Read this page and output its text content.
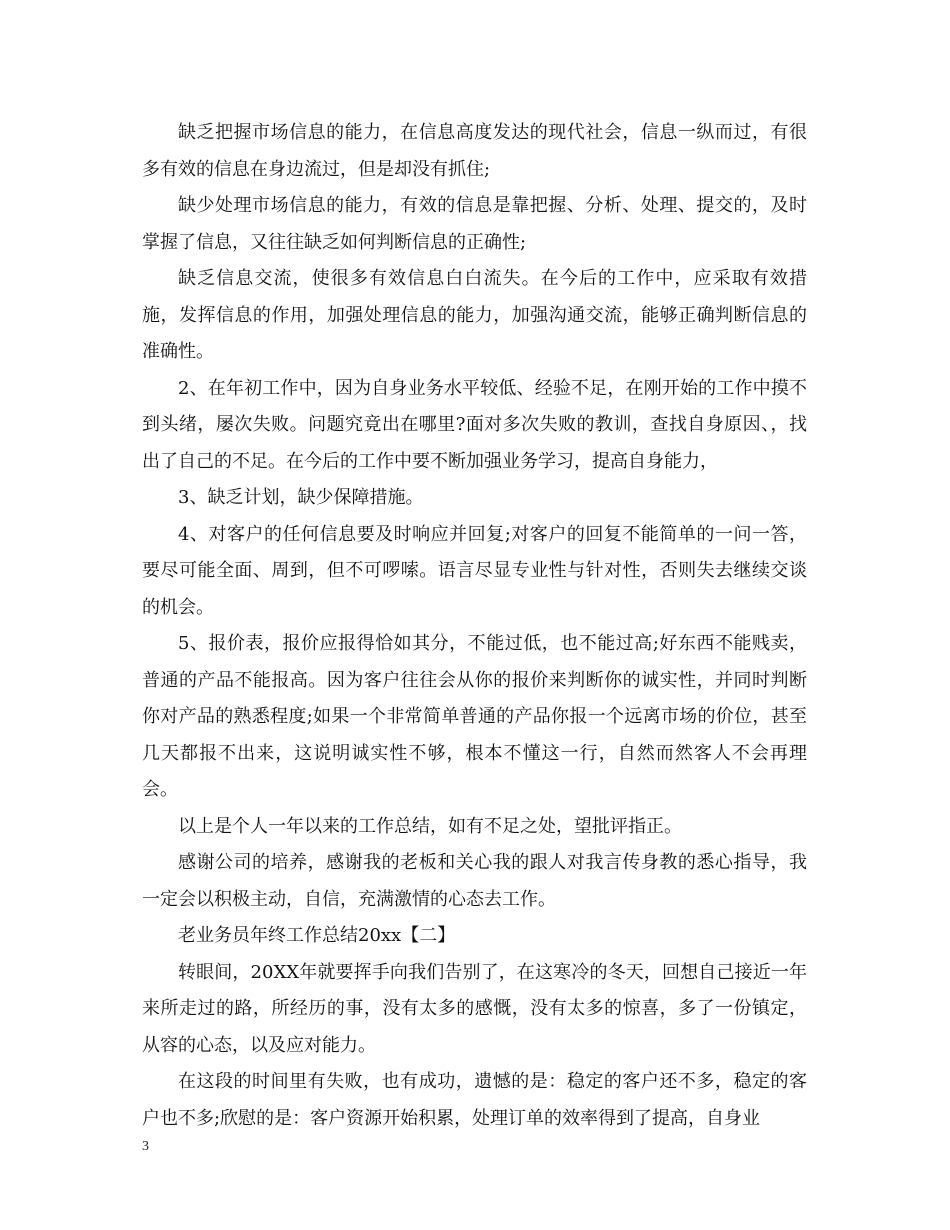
缺乏把握市场信息的能力，在信息高度发达的现代社会，信息一纵而过，有很多有效的信息在身边流过，但是却没有抓住;

缺少处理市场信息的能力，有效的信息是靠把握、分析、处理、提交的，及时掌握了信息，又往往缺乏如何判断信息的正确性;

缺乏信息交流，使很多有效信息白白流失。在今后的工作中，应采取有效措施，发挥信息的作用，加强处理信息的能力，加强沟通交流，能够正确判断信息的准确性。

2、在年初工作中，因为自身业务水平较低、经验不足，在刚开始的工作中摸不到头绪，屡次失败。问题究竟出在哪里?面对多次失败的教训，查找自身原因、，找出了自己的不足。在今后的工作中要不断加强业务学习，提高自身能力，

3、缺乏计划，缺少保障措施。

4、对客户的任何信息要及时响应并回复;对客户的回复不能简单的一问一答，要尽可能全面、周到，但不可啰嗦。语言尽显专业性与针对性，否则失去继续交谈的机会。

5、报价表，报价应报得恰如其分，不能过低，也不能过高;好东西不能贱卖，普通的产品不能报高。因为客户往往会从你的报价来判断你的诚实性，并同时判断你对产品的熟悉程度;如果一个非常简单普通的产品你报一个远离市场的价位，甚至几天都报不出来，这说明诚实性不够，根本不懂这一行，自然而然客人不会再理会。

以上是个人一年以来的工作总结，如有不足之处，望批评指正。

感谢公司的培养，感谢我的老板和关心我的跟人对我言传身教的悉心指导，我一定会以积极主动，自信，充满激情的心态去工作。

老业务员年终工作总结20xx【二】

转眼间，20XX年就要挥手向我们告别了，在这寒冷的冬天，回想自己接近一年来所走过的路，所经历的事，没有太多的感慨，没有太多的惊喜，多了一份镇定，从容的心态，以及应对能力。

在这段的时间里有失败，也有成功，遗憾的是：稳定的客户还不多，稳定的客户也不多;欣慰的是：客户资源开始积累，处理订单的效率得到了提高，自身业

3
